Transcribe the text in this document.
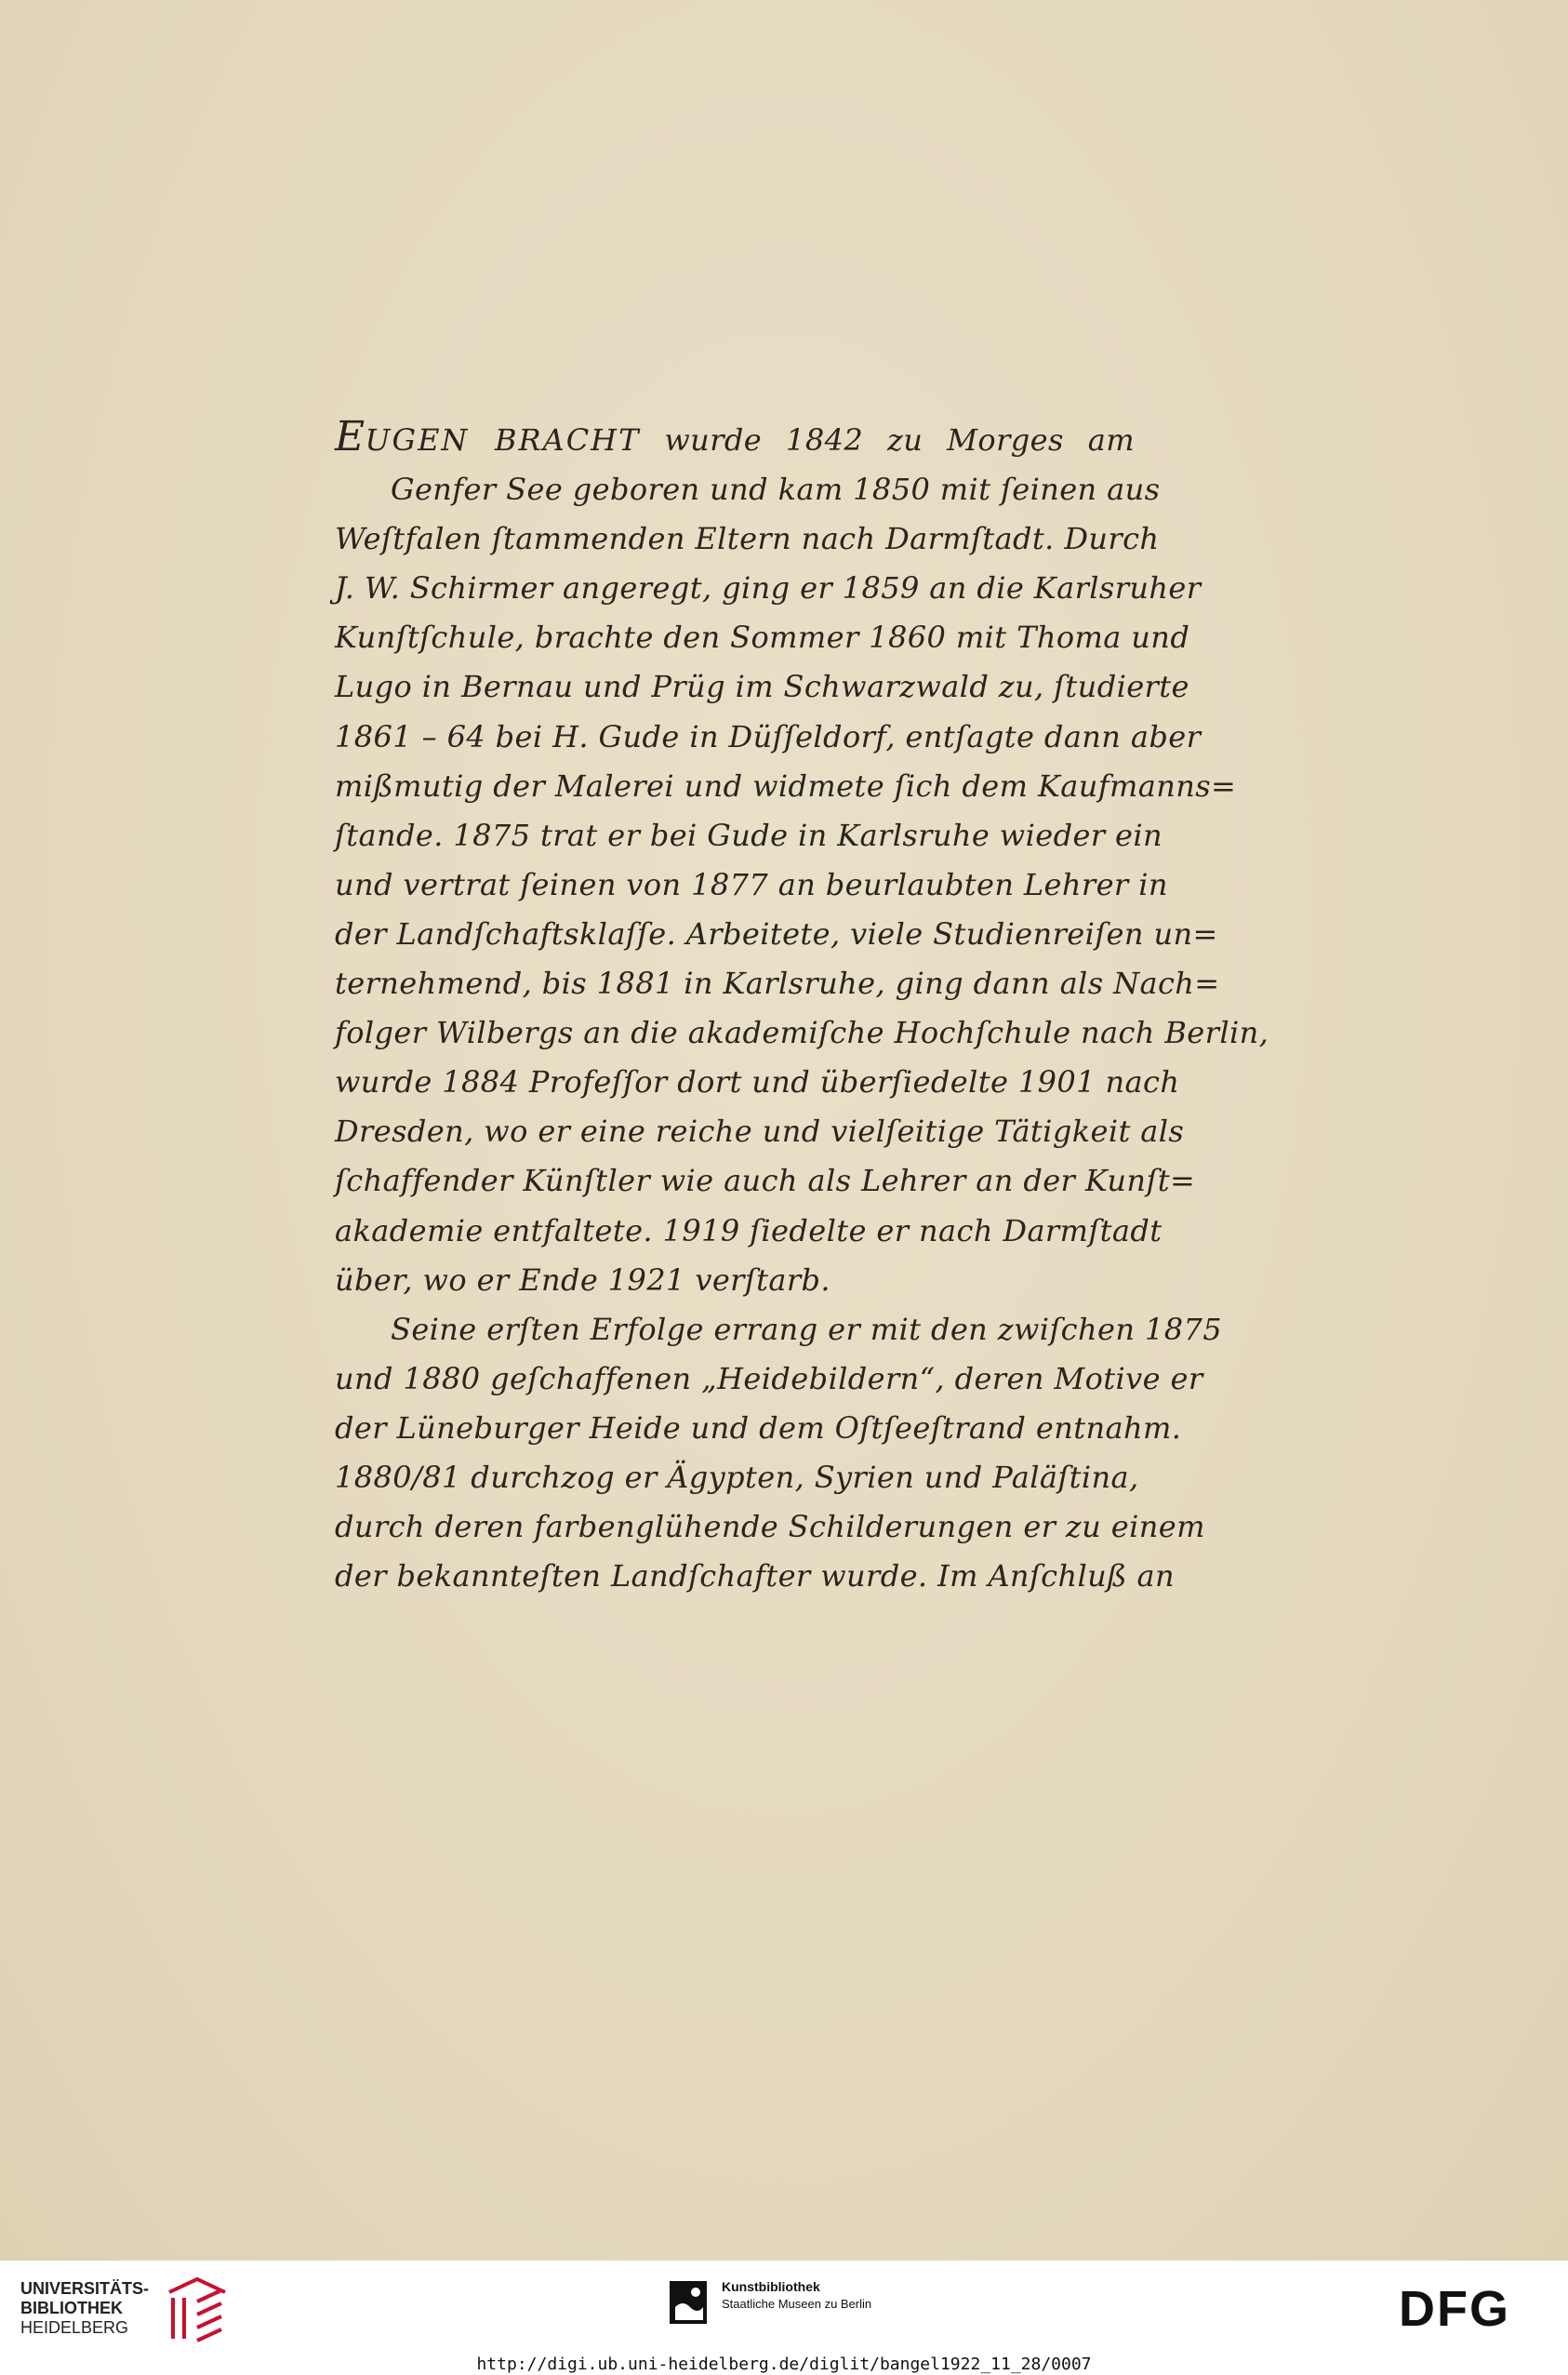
EUGEN BRACHT wurde 1842 zu Morges am
Genfer See geboren und kam 1850 mit ſeinen aus
Weſtfalen ſtammenden Eltern nach Darmſtadt. Durch
J. W. Schirmer angeregt, ging er 1859 an die Karlsruher
Kunſtſchule, brachte den Sommer 1860 mit Thoma und
Lugo in Bernau und Prüg im Schwarzwald zu, ſtudierte
1861 – 64 bei H. Gude in Düſſeldorf, entſagte dann aber
mißmutig der Malerei und widmete ſich dem Kaufmanns=
ſtande. 1875 trat er bei Gude in Karlsruhe wieder ein
und vertrat ſeinen von 1877 an beurlaubten Lehrer in
der Landſchaftsklaſſe. Arbeitete, viele Studienreiſen un=
ternehmend, bis 1881 in Karlsruhe, ging dann als Nach=
folger Wilbergs an die akademiſche Hochſchule nach Berlin,
wurde 1884 Profeſſor dort und überſiedelte 1901 nach
Dresden, wo er eine reiche und vielſeitige Tätigkeit als
ſchaffender Künſtler wie auch als Lehrer an der Kunſt=
akademie entfaltete. 1919 ſiedelte er nach Darmſtadt
über, wo er Ende 1921 verſtarb.
Seine erſten Erfolge errang er mit den zwiſchen 1875
und 1880 geſchaffenen „Heidebildern“, deren Motive er
der Lüneburger Heide und dem Oſtſeeſtrand entnahm.
1880/81 durchzog er Ägypten, Syrien und Paläſtina,
durch deren farbenglühende Schilderungen er zu einem
der bekannteſten Landſchafter wurde. Im Anſchluß an
UNIVERSITÄTS-
BIBLIOTHEK
HEIDELBERG
Kunstbibliothek
Staatliche Museen zu Berlin	DFG
http://digi.ub.uni-heidelberg.de/diglit/bangel1922_11_28/0007
